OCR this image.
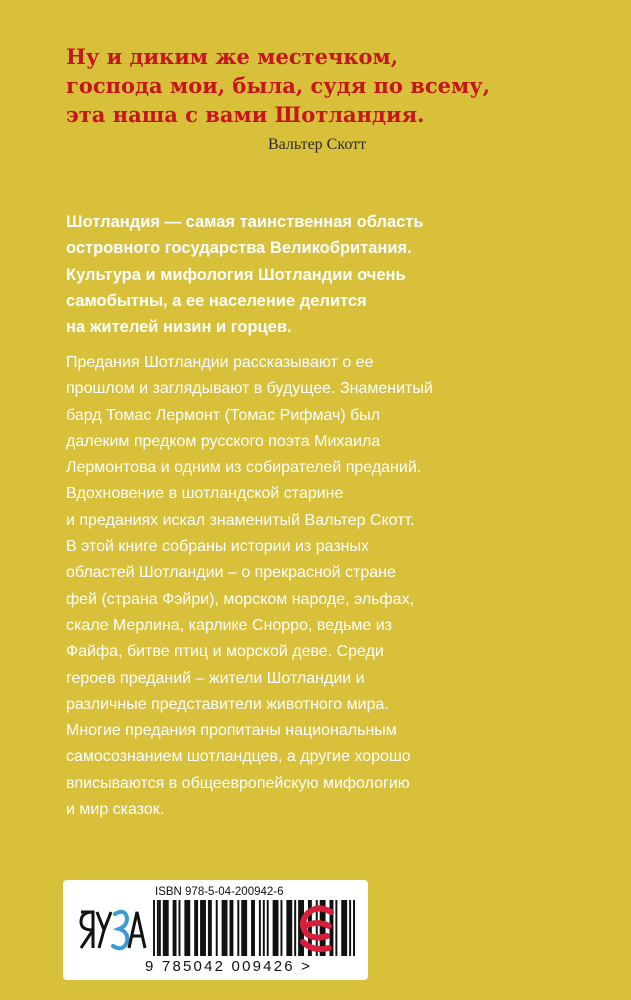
Ну и диким же местечком,
господа мои, была, судя по всему,
эта наша с вами Шотландия.
Вальтер Скотт
Шотландия — самая таинственная область
островного государства Великобритания.
Культура и мифология Шотландии очень
самобытны, а ее население делится
на жителей низин и горцев.
Предания Шотландии рассказывают о ее
прошлом и заглядывают в будущее. Знаменитый
бард Томас Лермонт (Томас Рифмач) был
далеким предком русского поэта Михаила
Лермонтова и одним из собирателей преданий.
Вдохновение в шотландской старине
и преданиях искал знаменитый Вальтер Скотт.
В этой книге собраны истории из разных
областей Шотландии – о прекрасной стране
фей (страна Фэйри), морском народе, эльфах,
скале Мерлина, карлике Снорро, ведьме из
Файфа, битве птиц и морской деве. Среди
героев преданий – жители Шотландии и
различные представители животного мира.
Многие предания пропитаны национальным
самосознанием шотландцев, а другие хорошо
вписываются в общеевропейскую мифологию
и мир сказок.
ISBN 978-5-04-200942-6
9 785042 009426 >
